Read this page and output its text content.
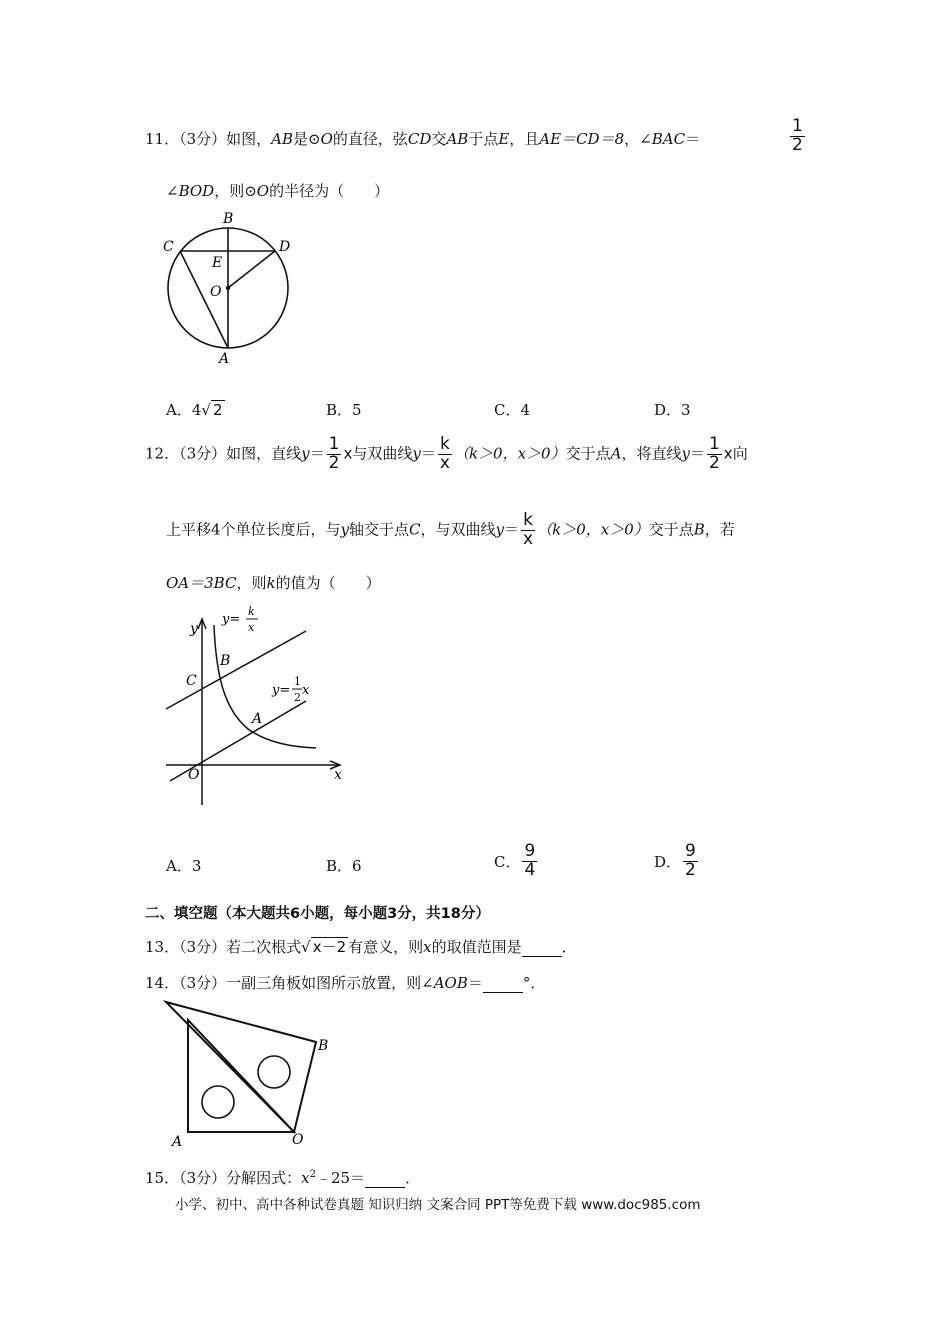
11．（3分）如图，AB是⊙O的直径，弦CD交AB于点E，且AE＝CD＝8，∠BAC＝	$\frac{1}{2}$
∠BOD，则⊙O的半径为（　　）
B
C	D
E
O
A
A．4√ 2	B．5	C．4	D．3
12．（3分）如图，直线$y= \frac{1}{2}$ x与双曲线$y= \frac{k}{x} (k>0$，x＞0）交于点A，将直线$y= \frac{1}{2}$ x向
上平移4个单位长度后，与y轴交于点C，与双曲线$y= \frac{k}{x} (k>0$，x＞0）交于点B，若
OA＝3BC，则k的值为（　　）
y
y=
k
x
B
C
y=
1
2 x
A
O	x
A．3	B．6	C． $\frac{9}{4}$	D． $\frac{9}{2}$
二、填空题（本大题共6小题，每小题3分，共18分）
13．（3分）若二次根式√ x－2 有意义，则x的取值范围是	．
14．（3分）一副三角板如图所示放置，则∠AOB＝	°．
B
A	O
15．（3分）分解因式：$x^2﹣25=$	．
小学、初中、高中各种试卷真题 知识归纳 文案合同 PPT等免费下载 www.doc985.com
